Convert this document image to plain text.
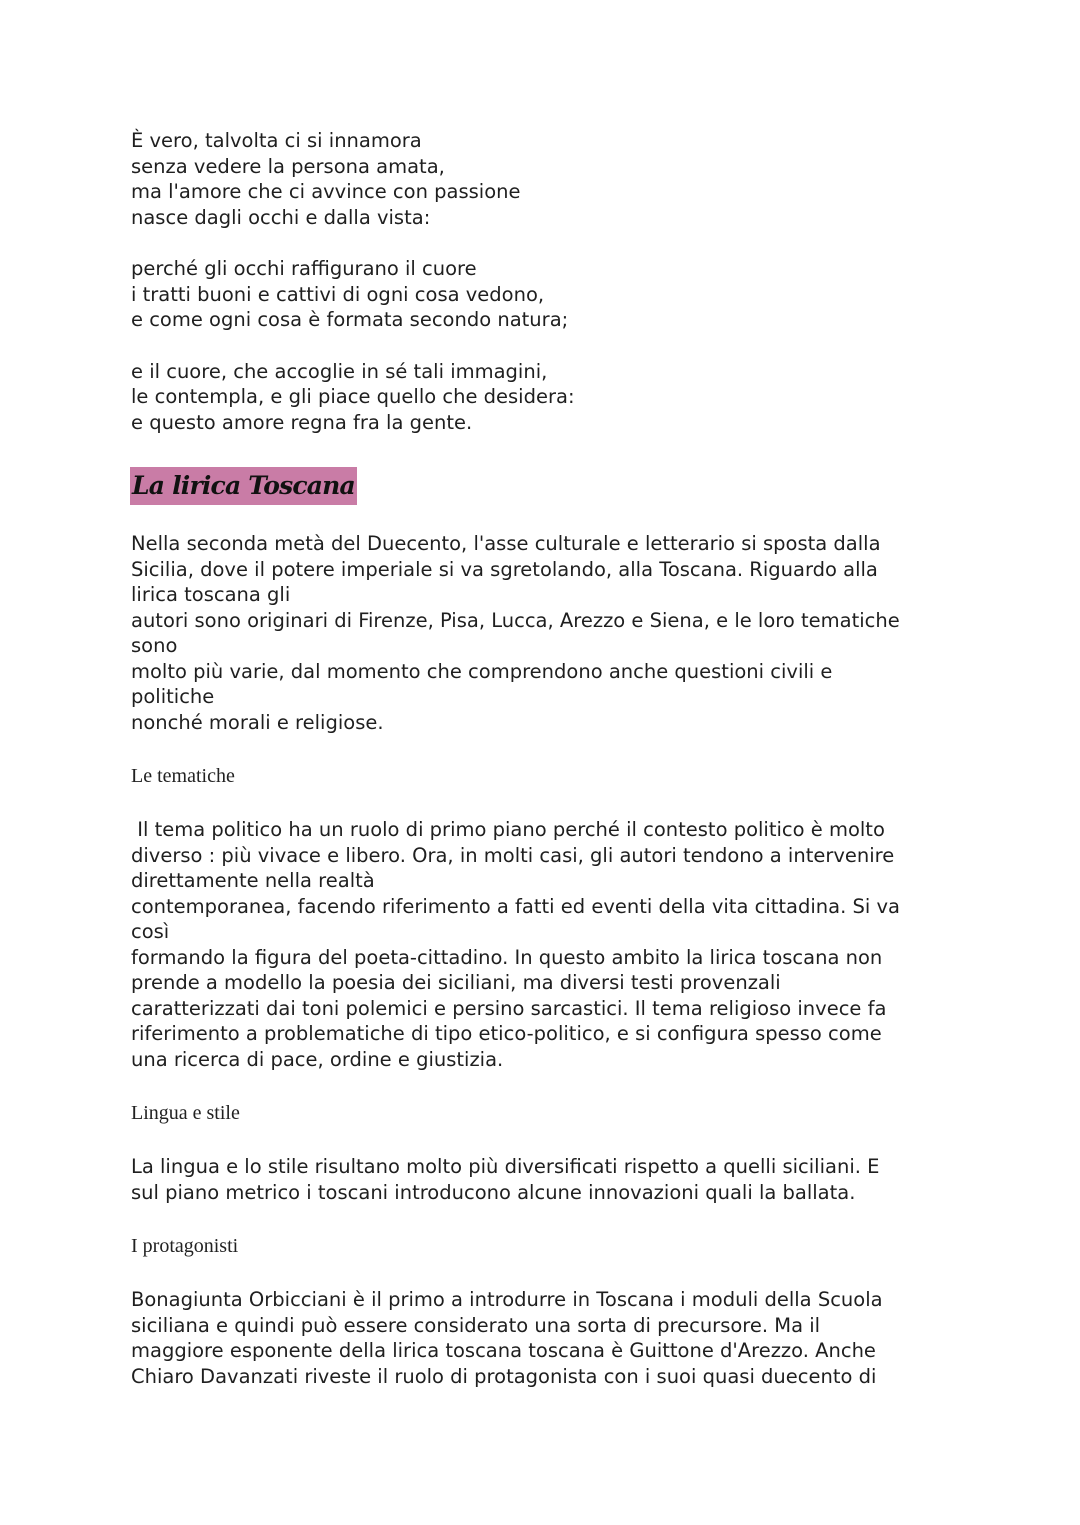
È vero, talvolta ci si innamora
senza vedere la persona amata,
ma l'amore che ci avvince con passione
nasce dagli occhi e dalla vista:
perché gli occhi raffigurano il cuore
i tratti buoni e cattivi di ogni cosa vedono,
e come ogni cosa è formata secondo natura;
e il cuore, che accoglie in sé tali immagini,
le contempla, e gli piace quello che desidera:
e questo amore regna fra la gente.
La lirica Toscana
Nella seconda metà del Duecento, l'asse culturale e letterario si sposta dalla
Sicilia, dove il potere imperiale si va sgretolando, alla Toscana. Riguardo alla
lirica toscana gli
autori sono originari di Firenze, Pisa, Lucca, Arezzo e Siena, e le loro tematiche
sono
molto più varie, dal momento che comprendono anche questioni civili e
politiche
nonché morali e religiose.
Le tematiche
Il tema politico ha un ruolo di primo piano perché il contesto politico è molto
diverso : più vivace e libero. Ora, in molti casi, gli autori tendono a intervenire
direttamente nella realtà
contemporanea, facendo riferimento a fatti ed eventi della vita cittadina. Si va
così
formando la figura del poeta-cittadino. In questo ambito la lirica toscana non
prende a modello la poesia dei siciliani, ma diversi testi provenzali
caratterizzati dai toni polemici e persino sarcastici. Il tema religioso invece fa
riferimento a problematiche di tipo etico-politico, e si configura spesso come
una ricerca di pace, ordine e giustizia.
Lingua e stile
La lingua e lo stile risultano molto più diversificati rispetto a quelli siciliani. E
sul piano metrico i toscani introducono alcune innovazioni quali la ballata.
I protagonisti
Bonagiunta Orbicciani è il primo a introdurre in Toscana i moduli della Scuola
siciliana e quindi può essere considerato una sorta di precursore. Ma il
maggiore esponente della lirica toscana toscana è Guittone d'Arezzo. Anche
Chiaro Davanzati riveste il ruolo di protagonista con i suoi quasi duecento di
